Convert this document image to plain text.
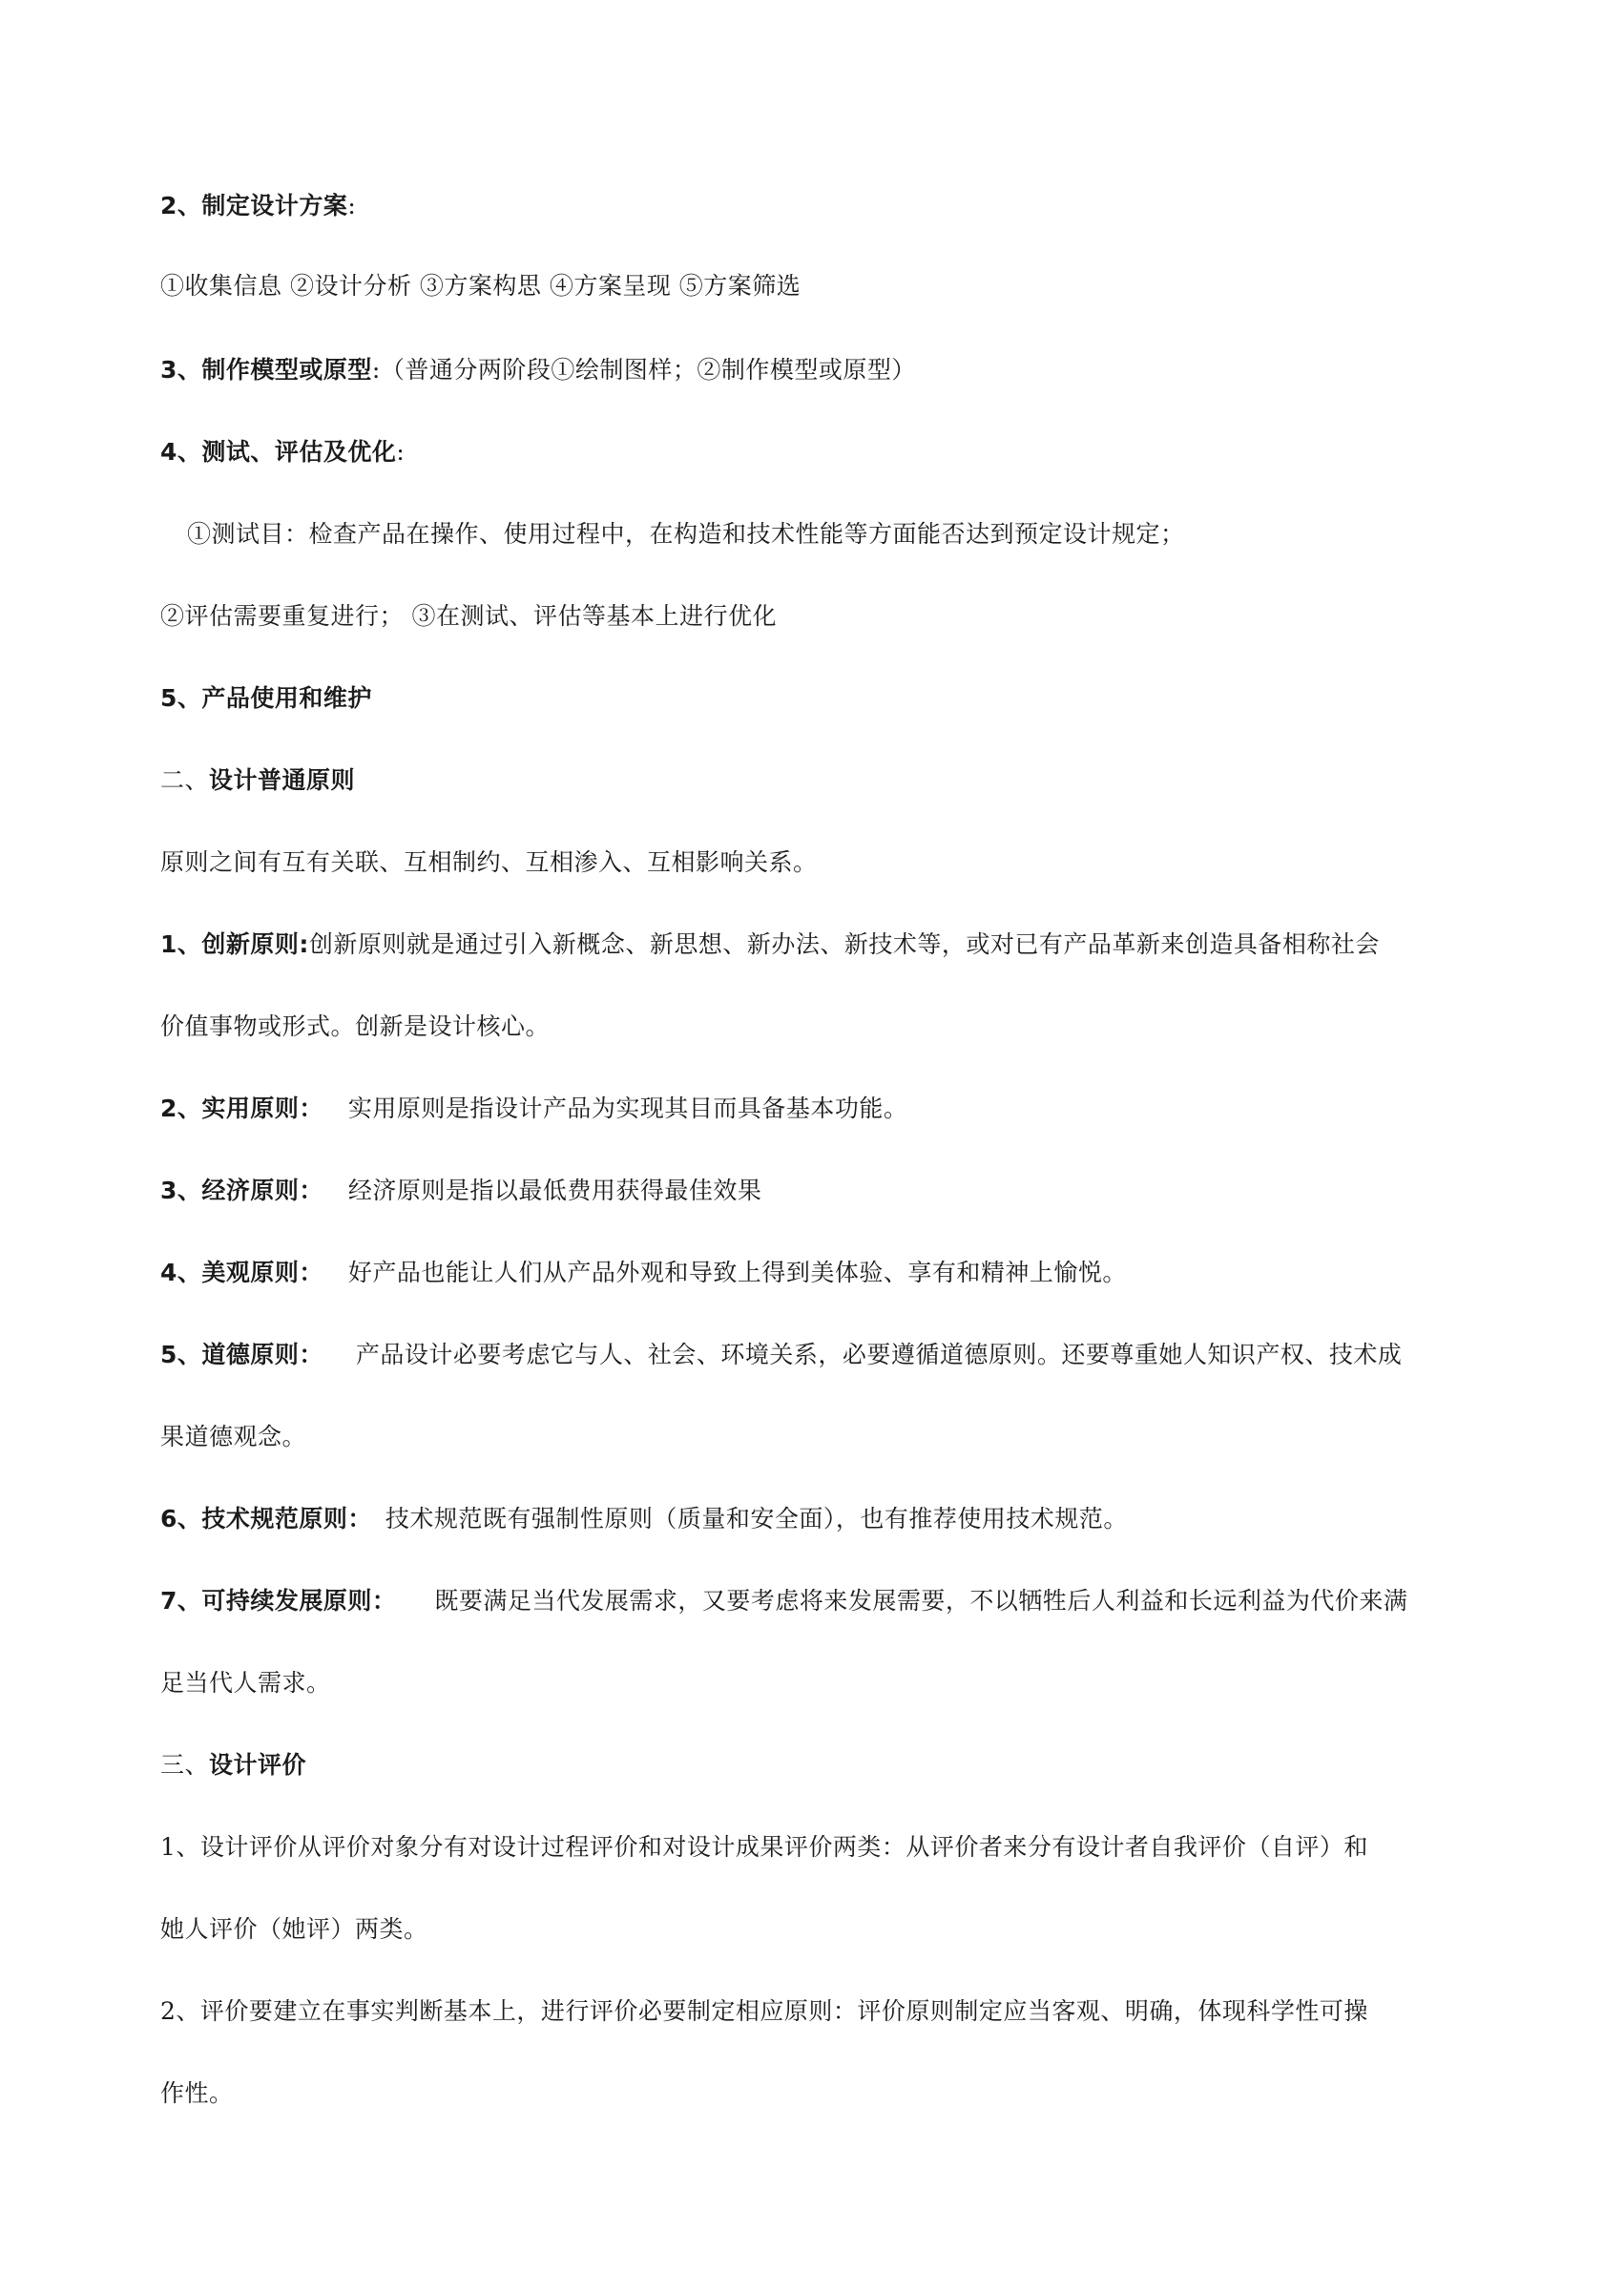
2、制定设计方案:
①收集信息 ②设计分析 ③方案构思 ④方案呈现 ⑤方案筛选
3、制作模型或原型:（普通分两阶段①绘制图样；②制作模型或原型）
4、测试、评估及优化:
①测试目：检查产品在操作、使用过程中，在构造和技术性能等方面能否达到预定设计规定；
②评估需要重复进行； ③在测试、评估等基本上进行优化
5、产品使用和维护
二、设计普通原则
原则之间有互有关联、互相制约、互相渗入、互相影响关系。
1、创新原则:创新原则就是通过引入新概念、新思想、新办法、新技术等，或对已有产品革新来创造具备相称社会
价值事物或形式。创新是设计核心。
2、实用原则： 实用原则是指设计产品为实现其目而具备基本功能。
3、经济原则： 经济原则是指以最低费用获得最佳效果
4、美观原则： 好产品也能让人们从产品外观和导致上得到美体验、享有和精神上愉悦。
5、道德原则： 产品设计必要考虑它与人、社会、环境关系，必要遵循道德原则。还要尊重她人知识产权、技术成
果道德观念。
6、技术规范原则： 技术规范既有强制性原则（质量和安全面），也有推荐使用技术规范。
7、可持续发展原则： 既要满足当代发展需求，又要考虑将来发展需要，不以牺牲后人利益和长远利益为代价来满
足当代人需求。
三、设计评价
1、设计评价从评价对象分有对设计过程评价和对设计成果评价两类：从评价者来分有设计者自我评价（自评）和
她人评价（她评）两类。
2、评价要建立在事实判断基本上，进行评价必要制定相应原则：评价原则制定应当客观、明确，体现科学性可操
作性。
